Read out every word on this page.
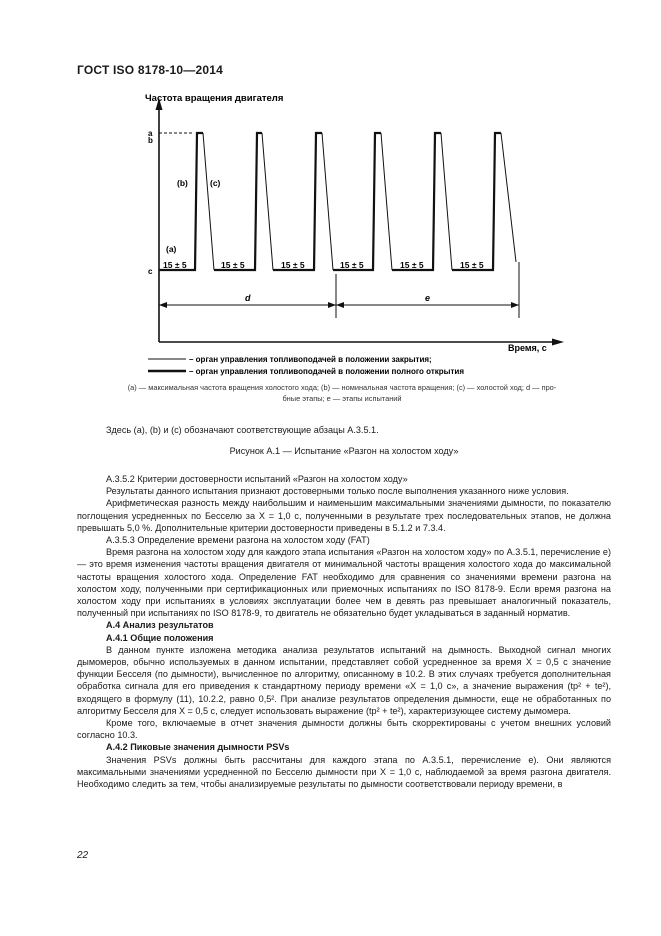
ГОСТ ISO 8178-10—2014
Частота вращения двигателя
Время, с
а
b
c
(b)	(c)
(а)
15 ± 5	15 ± 5	15 ± 5	15 ± 5	15 ± 5	15 ± 5
d	е
– орган управления топливоподачей в положении закрытия;
– орган управления топливоподачей в положении полного открытия
(а) — максимальная частота вращения холостого хода; (b) — номинальная частота вращения; (c) — холостой ход; d — про-
бные этапы; е — этапы испытаний

Здесь (а), (b) и (c) обозначают соответствующие абзацы А.3.5.1.

Рисунок А.1 — Испытание «Разгон на холостом ходу»

А.3.5.2 Критерии достоверности испытаний «Разгон на холостом ходу»

Результаты данного испытания признают достоверными только после выполнения указанного ниже условия.

Арифметическая разность между наибольшим и наименьшим максимальными значениями дымности, по показателю поглощения усредненных по Бесселю за X = 1,0 с, полученными в результате трех последовательных этапов, не должна превышать 5,0 %. Дополнительные критерии достоверности приведены в 5.1.2 и 7.3.4.

А.3.5.3 Определение времени разгона на холостом ходу (FAT)

Время разгона на холостом ходу для каждого этапа испытания «Разгон на холостом ходу» по А.3.5.1, перечисление е) — это время изменения частоты вращения двигателя от минимальной частоты вращения холостого хода до максимальной частоты вращения холостого хода. Определение FAT необходимо для сравнения со значениями времени разгона на холостом ходу, полученными при сертификационных или приемочных испытаниях по ISO 8178-9. Если время разгона на холостом ходу при испытаниях в условиях эксплуатации более чем в девять раз превышает аналогичный показатель, полученный при испытаниях по ISO 8178-9, то двигатель не обязательно будет укладываться в заданный норматив.

А.4 Анализ результатов

А.4.1 Общие положения

В данном пункте изложена методика анализа результатов испытаний на дымность. Выходной сигнал многих дымомеров, обычно используемых в данном испытании, представляет собой усредненное за время X = 0,5 с значение функции Бесселя (по дымности), вычисленное по алгоритму, описанному в 10.2. В этих случаях требуется дополнительная обработка сигнала для его приведения к стандартному периоду времени «X = 1,0 с», а значение выражения (tp² + te²), входящего в формулу (11), 10.2.2, равно 0,5². При анализе результатов определения дымности, еще не обработанных по алгоритму Бесселя для X = 0,5 с, следует использовать выражение (tp² + te²), характеризующее систему дымомера.

Кроме того, включаемые в отчет значения дымности должны быть скорректированы с учетом внешних условий согласно 10.3.

А.4.2 Пиковые значения дымности PSVs

Значения PSVs должны быть рассчитаны для каждого этапа по А.3.5.1, перечисление е). Они являются максимальными значениями усредненной по Бесселю дымности при X = 1,0 с, наблюдаемой за время разгона двигателя. Необходимо следить за тем, чтобы анализируемые результаты по дымности соответствовали периоду времени, в

22
